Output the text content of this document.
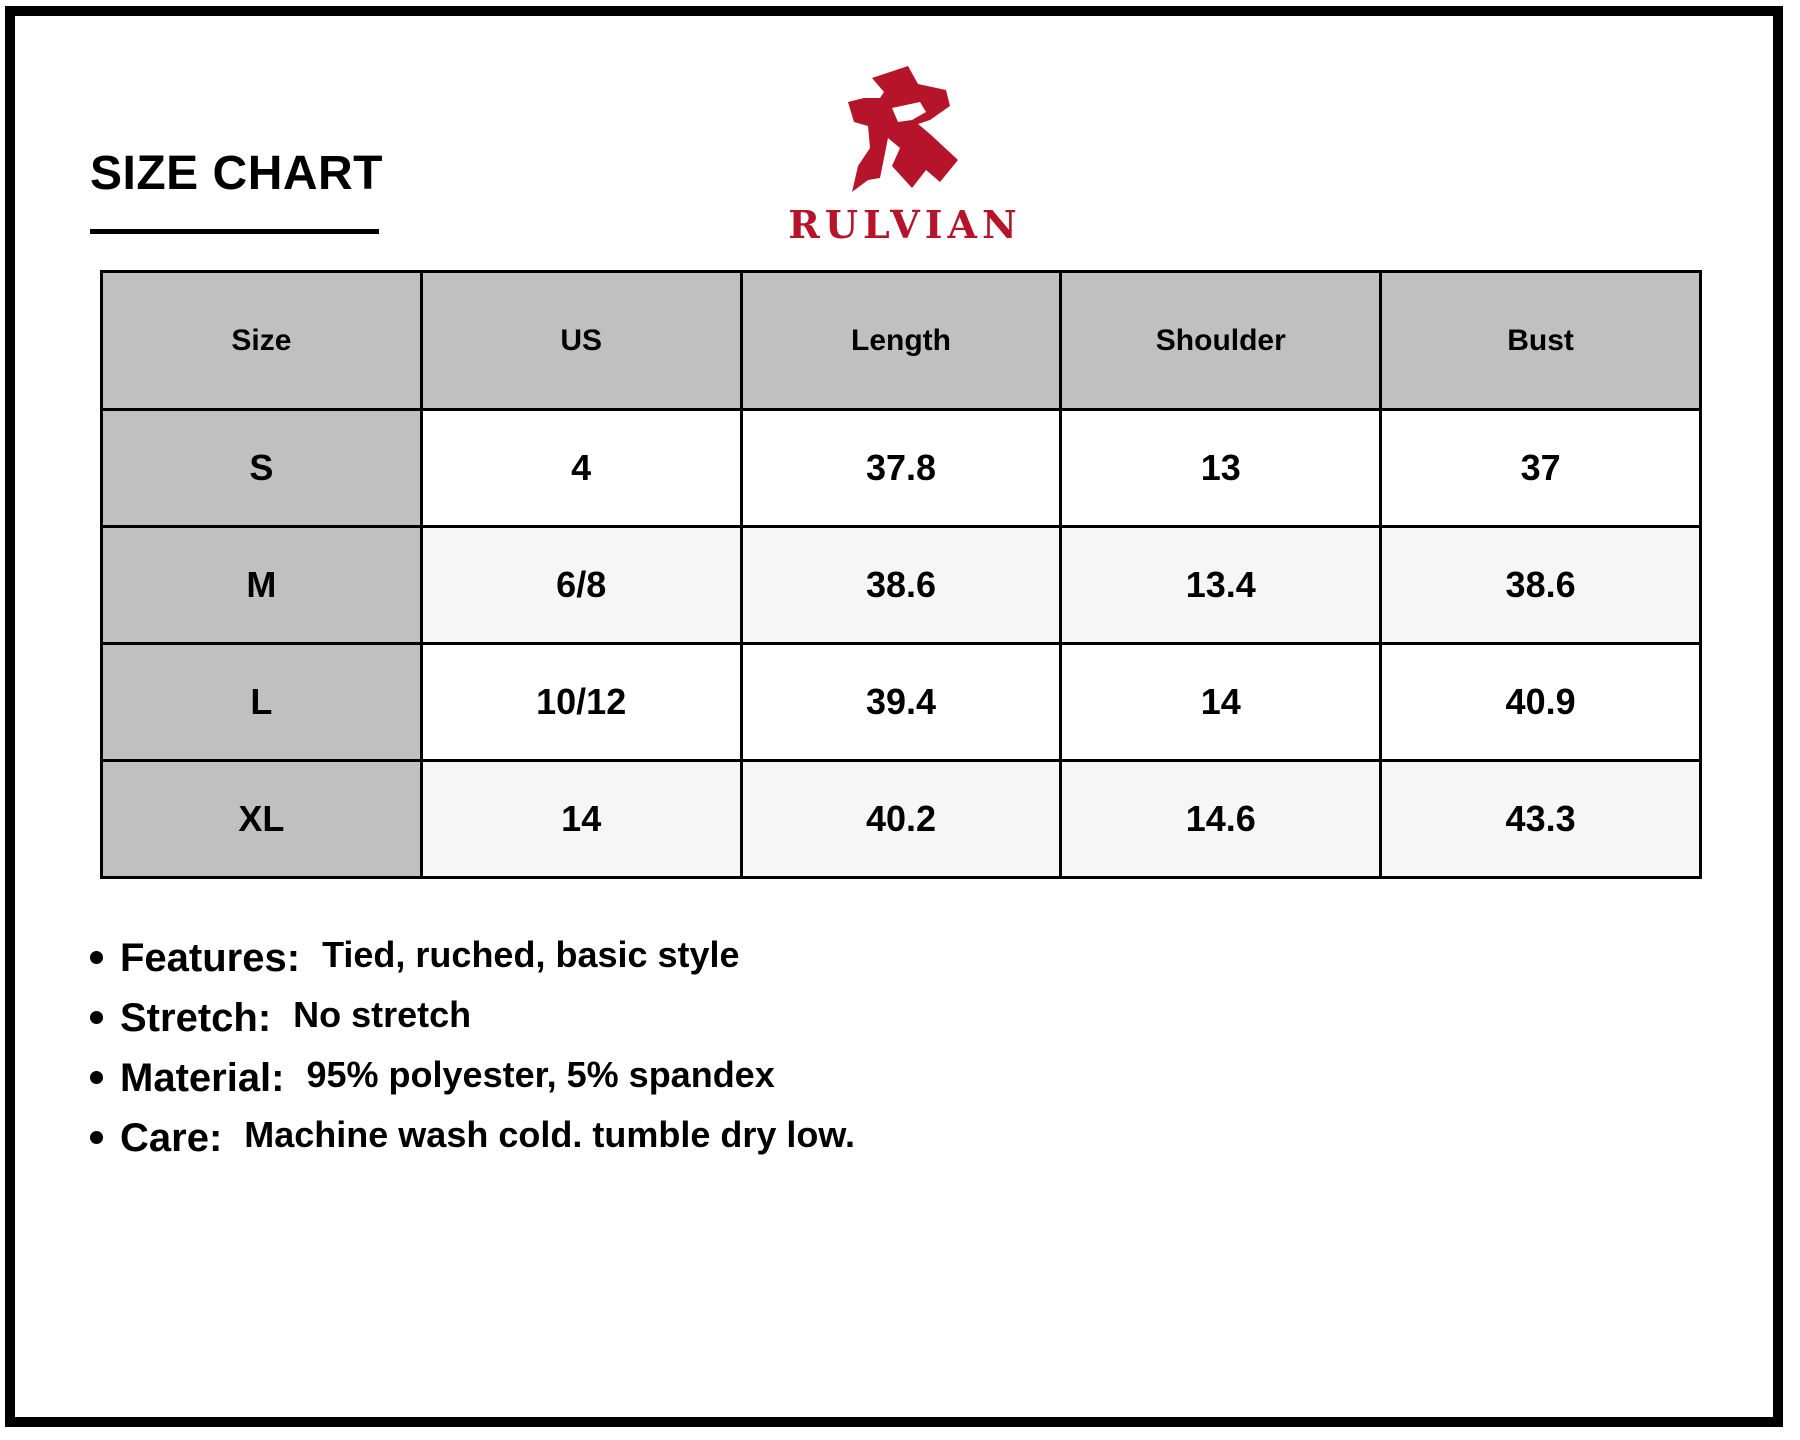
SIZE CHART
RULVIAN
Size	US	Length	Shoulder	Bust
S	4	37.8	13	37
M	6/8	38.6	13.4	38.6
L	10/12	39.4	14	40.9
XL	14	40.2	14.6	43.3
Features: Tied, ruched, basic style
Stretch: No stretch
Material: 95% polyester, 5% spandex
Care: Machine wash cold. tumble dry low.
